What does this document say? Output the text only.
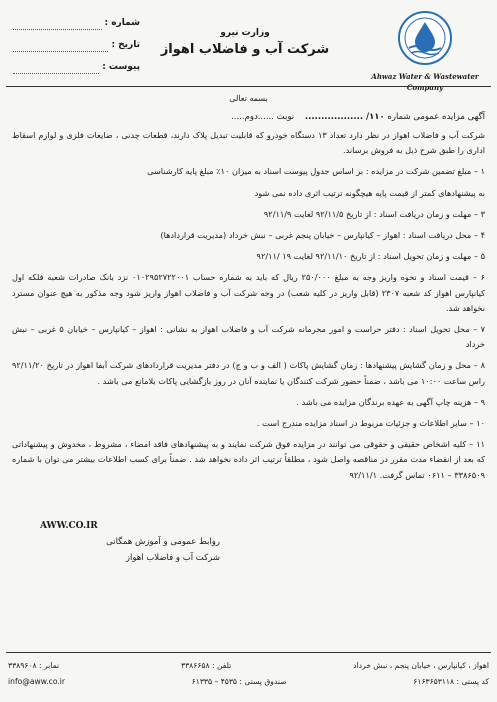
شماره :
تاریخ :
پیوست :
وزارت نیرو
شرکت آب و فاضلاب اهواز
Ahwaz Water & Wastewater
Company
بسمه تعالی
آگهی مزایده عمومی شماره ۱۱۰/ ..................    نوبت ......دوم.....

شرکت آب و فاضلاب اهواز در نظر دارد تعداد ۱۳ دستگاه خودرو که قابلیت تبدیل پلاک دارند، قطعات چدنی ، ضایعات فلزی و لوازم اسقاط اداری را طبق شرح ذیل به فروش برساند.

۱ – مبلغ تضمین شرکت در مزایده : بر اساس جدول پیوست اسناد به میزان ۱۰٪ مبلغ پایه کارشناسی

به پیشنهادهای کمتر از قیمت پایه هیچگونه ترتیب اثری داده نمی شود

۳ – مهلت و زمان دریافت اسناد : از تاریخ ۹۲/۱۱/۵ لغایت ۹۲/۱۱/۹

۴ – محل دریافت اسناد : اهواز – کیانپارس – خیابان پنجم غربی – نبش خرداد (مدیریت قراردادها)

۵ – مهلت و زمان تحویل اسناد : از تاریخ ۹۲/۱۱/۱۰ لغایت ۱۹ /۹۲/۱۱

۶ – قیمت اسناد و نحوه واریز وجه به مبلغ ۲۵۰/۰۰۰ ریال که باید به شماره حساب ۰۱۰۲۹۵۲۷۲۲۰۰۱ نزد بانک صادرات شعبه فلکه اول کیانپارس اهواز کد شعبه ۲۳۰۷ (قابل واریز در کلیه شعب) در وجه شرکت آب و فاضلاب اهواز واریز شود وجه مذکور به هیچ عنوان مسترد نخواهد شد.

۷ – محل تحویل اسناد : دفتر حراست و امور محرمانه شرکت آب و فاضلاب اهواز به نشانی : اهواز – کیانپارس – خیابان ۵ غربی – نبش خرداد

۸ – محل و زمان گشایش پیشنهادها : زمان گشایش پاکات ( الف و ب و ج) در دفتر مدیریت قراردادهای شرکت آبفا اهواز در تاریخ ۹۲/۱۱/۲۰ راس ساعت ۱۰:۰۰ می باشد ، ضمناً حضور شرکت کنندگان یا نماینده آنان در روز بازگشایی پاکات بلامانع می باشد .

۹ – هزینه چاپ آگهی به عهده برندگان مزایده می باشد .

۱۰ – سایر اطلاعات و جزئیات مربوط در اسناد مزایده مندرج است .

۱۱ – کلیه اشخاص حقیقی و حقوقی می توانند در مزایده فوق شرکت نمایند و به پیشنهادهای فاقد امضاء ، مشروط ، مخدوش و پیشنهاداتی که بعد از انقضاء مدت مقرر در مناقصه واصل شود ، مطلقاً ترتیب اثر داده نخواهد شد . ضمناً برای کسب اطلاعات بیشتر می توان با شماره ۳۳۸۶۵۰۹ – ۰۶۱۱ تماس گرفت. ۹۲/۱۱/۱

AWW.CO.IR
روابط عمومی و آموزش همگانی
شرکت آب و فاضلاب اهواز
اهواز ، کیانپارس ، خیابان پنجم ، نبش خرداد
تلفن : ۳۳۸۶۶۵۸
نمابر : ۳۳۸۹۶۰۸
کد پستی : ۶۱۶۳۶۵۳۱۱۸
صندوق پستی : ۴۵۳۵ – ۶۱۳۳۵
info@aww.co.ir
